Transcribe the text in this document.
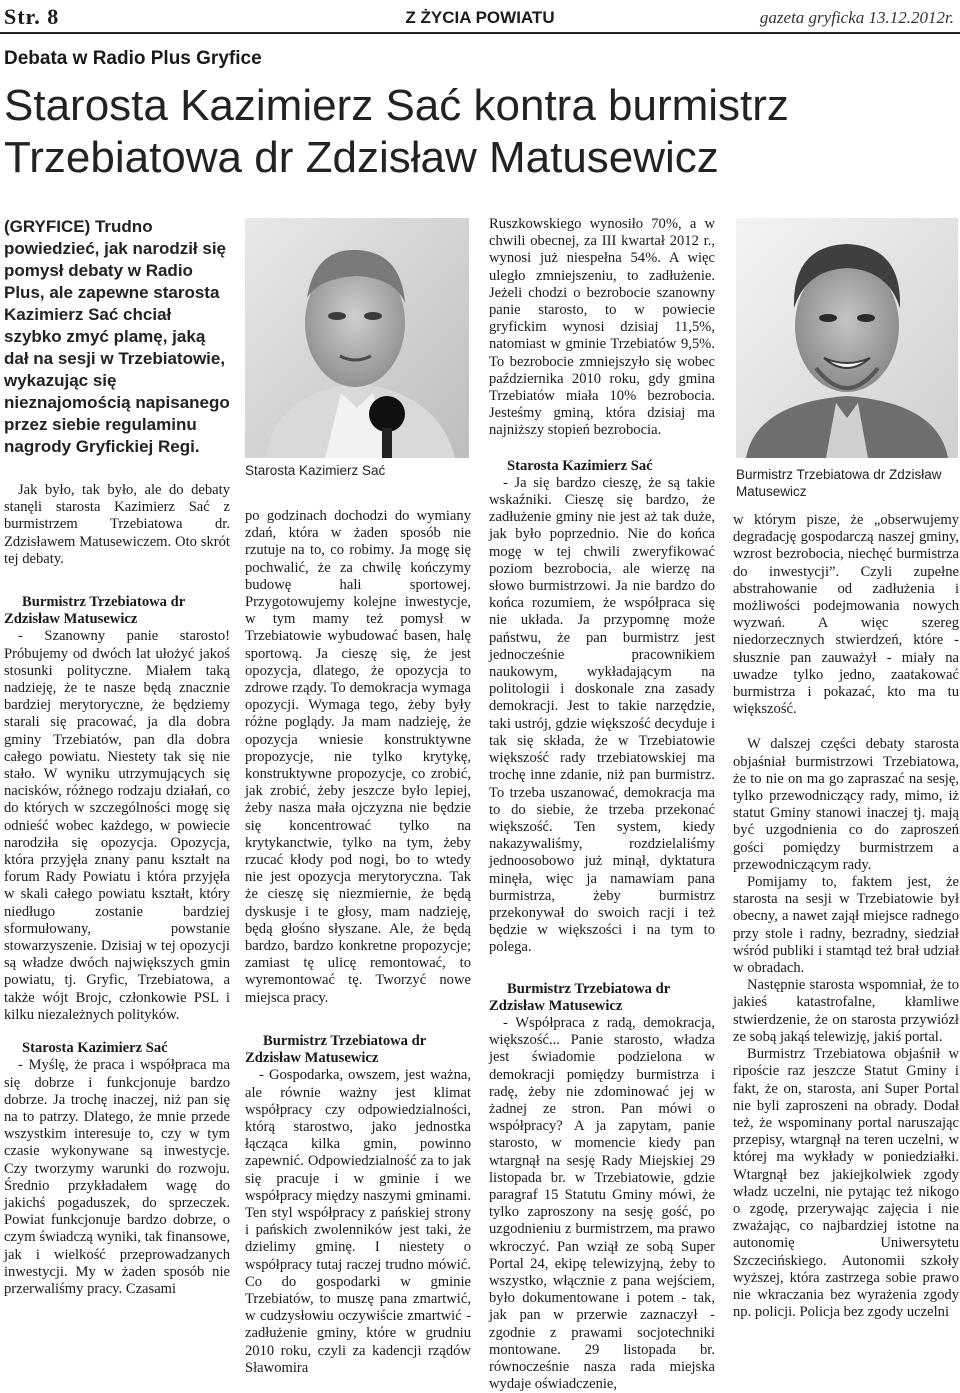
Str. 8	Z ŻYCIA POWIATU	gazeta gryficka 13.12.2012r.
Debata w Radio Plus Gryfice
Starosta Kazimierz Sać kontra burmistrz Trzebiatowa dr Zdzisław Matusewicz

(GRYFICE) Trudno powiedzieć, jak narodził się pomysł debaty w Radio Plus, ale zapewne starosta Kazimierz Sać chciał szybko zmyć plamę, jaką dał na sesji w Trzebiatowie, wykazując się nieznajomością napisanego przez siebie regulaminu nagrody Gryfickiej Regi.

Jak było, tak było, ale do debaty stanęli starosta Kazimierz Sać z burmistrzem Trzebiatowa dr. Zdzisławem Matusewiczem. Oto skrót tej debaty.

Burmistrz Trzebiatowa dr Zdzisław Matusewicz

- Szanowny panie starosto! Próbujemy od dwóch lat ułożyć jakoś stosunki polityczne. Miałem taką nadzieję, że te nasze będą znacznie bardziej merytoryczne, że będziemy starali się pracować, ja dla dobra gminy Trzebiatów, pan dla dobra całego powiatu. Niestety tak się nie stało. W wyniku utrzymujących się nacisków, różnego rodzaju działań, co do których w szczególności mogę się odnieść wobec każdego, w powiecie narodziła się opozycja. Opozycja, która przyjęła znany panu kształt na forum Rady Powiatu i która przyjęła w skali całego powiatu kształt, który niedługo zostanie bardziej sformułowany, powstanie stowarzyszenie. Dzisiaj w tej opozycji są władze dwóch największych gmin powiatu, tj. Gryfic, Trzebiatowa, a także wójt Brojc, członkowie PSL i kilku niezależnych polityków.

Starosta Kazimierz Sać

- Myślę, że praca i współpraca ma się dobrze i funkcjonuje bardzo dobrze. Ja trochę inaczej, niż pan się na to patrzy. Dlatego, że mnie przede wszystkim interesuje to, czy w tym czasie wykonywane są inwestycje. Czy tworzymy warunki do rozwoju. Średnio przykładałem wagę do jakichś pogaduszek, do sprzeczek. Powiat funkcjonuje bardzo dobrze, o czym świadczą wyniki, tak finansowe, jak i wielkość przeprowadzanych inwestycji. My w żaden sposób nie przerwaliśmy pracy. Czasami

Starosta Kazimierz Sać

po godzinach dochodzi do wymiany zdań, która w żaden sposób nie rzutuje na to, co robimy. Ja mogę się pochwalić, że za chwilę kończymy budowę hali sportowej. Przygotowujemy kolejne inwestycje, w tym mamy też pomysł w Trzebiatowie wybudować basen, halę sportową. Ja cieszę się, że jest opozycja, dlatego, że opozycja to zdrowe rządy. To demokracja wymaga opozycji. Wymaga tego, żeby były różne poglądy. Ja mam nadzieję, że opozycja wniesie konstruktywne propozycje, nie tylko krytykę, konstruktywne propozycje, co zrobić, jak zrobić, żeby jeszcze było lepiej, żeby nasza mała ojczyzna nie będzie się koncentrować tylko na krytykanctwie, tylko na tym, żeby rzucać kłody pod nogi, bo to wtedy nie jest opozycja merytoryczna. Tak że cieszę się niezmiernie, że będą dyskusje i te głosy, mam nadzieję, będą głośno słyszane. Ale, że będą bardzo, bardzo konkretne propozycje; zamiast tę ulicę remontować, to wyremontować tę. Tworzyć nowe miejsca pracy.

Burmistrz Trzebiatowa dr Zdzisław Matusewicz

- Gospodarka, owszem, jest ważna, ale równie ważny jest klimat współpracy czy odpowiedzialności, którą starostwo, jako jednostka łącząca kilka gmin, powinno zapewnić. Odpowiedzialność za to jak się pracuje i w gminie i we współpracy między naszymi gminami. Ten styl współpracy z pańskiej strony i pańskich zwolenników jest taki, że dzielimy gminę. I niestety o współpracy tutaj raczej trudno mówić. Co do gospodarki w gminie Trzebiatów, to muszę pana zmartwić, w cudzysłowiu oczywiście zmartwić - zadłużenie gminy, które w grudniu 2010 roku, czyli za kadencji rządów Sławomira

Ruszkowskiego wynosiło 70%, a w chwili obecnej, za III kwartał 2012 r., wynosi już niespełna 54%. A więc uległo zmniejszeniu, to zadłużenie. Jeżeli chodzi o bezrobocie szanowny panie starosto, to w powiecie gryfickim wynosi dzisiaj 11,5%, natomiast w gminie Trzebiatów 9,5%. To bezrobocie zmniejszyło się wobec października 2010 roku, gdy gmina Trzebiatów miała 10% bezrobocia. Jesteśmy gminą, która dzisiaj ma najniższy stopień bezrobocia.

Starosta Kazimierz Sać

- Ja się bardzo cieszę, że są takie wskaźniki. Cieszę się bardzo, że zadłużenie gminy nie jest aż tak duże, jak było poprzednio. Nie do końca mogę w tej chwili zweryfikować poziom bezrobocia, ale wierzę na słowo burmistrzowi. Ja nie bardzo do końca rozumiem, że współpraca się nie układa. Ja przypomnę może państwu, że pan burmistrz jest jednocześnie pracownikiem naukowym, wykładającym na politologii i doskonale zna zasady demokracji. Jest to takie narzędzie, taki ustrój, gdzie większość decyduje i tak się składa, że w Trzebiatowie większość rady trzebiatowskiej ma trochę inne zdanie, niż pan burmistrz. To trzeba uszanować, demokracja ma to do siebie, że trzeba przekonać większość. Ten system, kiedy nakazywaliśmy, rozdzielaliśmy jednoosobowo już minął, dyktatura minęła, więc ja namawiam pana burmistrza, żeby burmistrz przekonywał do swoich racji i też będzie w większości i na tym to polega.

Burmistrz Trzebiatowa dr Zdzisław Matusewicz

- Współpraca z radą, demokracja, większość... Panie starosto, władza jest świadomie podzielona w demokracji pomiędzy burmistrza i radę, żeby nie zdominować jej w żadnej ze stron. Pan mówi o współpracy? A ja zapytam, panie starosto, w momencie kiedy pan wtargnął na sesję Rady Miejskiej 29 listopada br. w Trzebiatowie, gdzie paragraf 15 Statutu Gminy mówi, że tylko zaproszony na sesję gość, po uzgodnieniu z burmistrzem, ma prawo wkroczyć. Pan wziął ze sobą Super Portal 24, ekipę telewizyjną, żeby to wszystko, włącznie z pana wejściem, było dokumentowane i potem - tak, jak pan w przerwie zaznaczył - zgodnie z prawami socjotechniki montowane. 29 listopada br. równocześnie nasza rada miejska wydaje oświadczenie,

Burmistrz Trzebiatowa dr Zdzisław Matusewicz

w którym pisze, że „obserwujemy degradację gospodarczą naszej gminy, wzrost bezrobocia, niechęć burmistrza do inwestycji”. Czyli zupełne abstrahowanie od zadłużenia i możliwości podejmowania nowych wyzwań. A więc szereg niedorzecznych stwierdzeń, które - słusznie pan zauważył - miały na uwadze tylko jedno, zaatakować burmistrza i pokazać, kto ma tu większość.

W dalszej części debaty starosta objaśniał burmistrzowi Trzebiatowa, że to nie on ma go zapraszać na sesję, tylko przewodniczący rady, mimo, iż statut Gminy stanowi inaczej tj. mają być uzgodnienia co do zaproszeń gości pomiędzy burmistrzem a przewodniczącym rady.

Pomijamy to, faktem jest, że starosta na sesji w Trzebiatowie był obecny, a nawet zajął miejsce radnego przy stole i radny, bezradny, siedział wśród publiki i stamtąd też brał udział w obradach.

Następnie starosta wspomniał, że to jakieś katastrofalne, kłamliwe stwierdzenie, że on starosta przywiózł ze sobą jakąś telewizję, jakiś portal.

Burmistrz Trzebiatowa objaśnił w ripoście raz jeszcze Statut Gminy i fakt, że on, starosta, ani Super Portal nie byli zaproszeni na obrady. Dodał też, że wspominany portal naruszając przepisy, wtargnął na teren uczelni, w której ma wykłady w poniedziałki. Wtargnął bez jakiejkolwiek zgody władz uczelni, nie pytając też nikogo o zgodę, przerywając zajęcia i nie zważając, co najbardziej istotne na autonomię Uniwersytetu Szczecińskiego. Autonomii szkoły wyższej, która zastrzega sobie prawo nie wkraczania bez wyrażenia zgody np. policji. Policja bez zgody uczelni
